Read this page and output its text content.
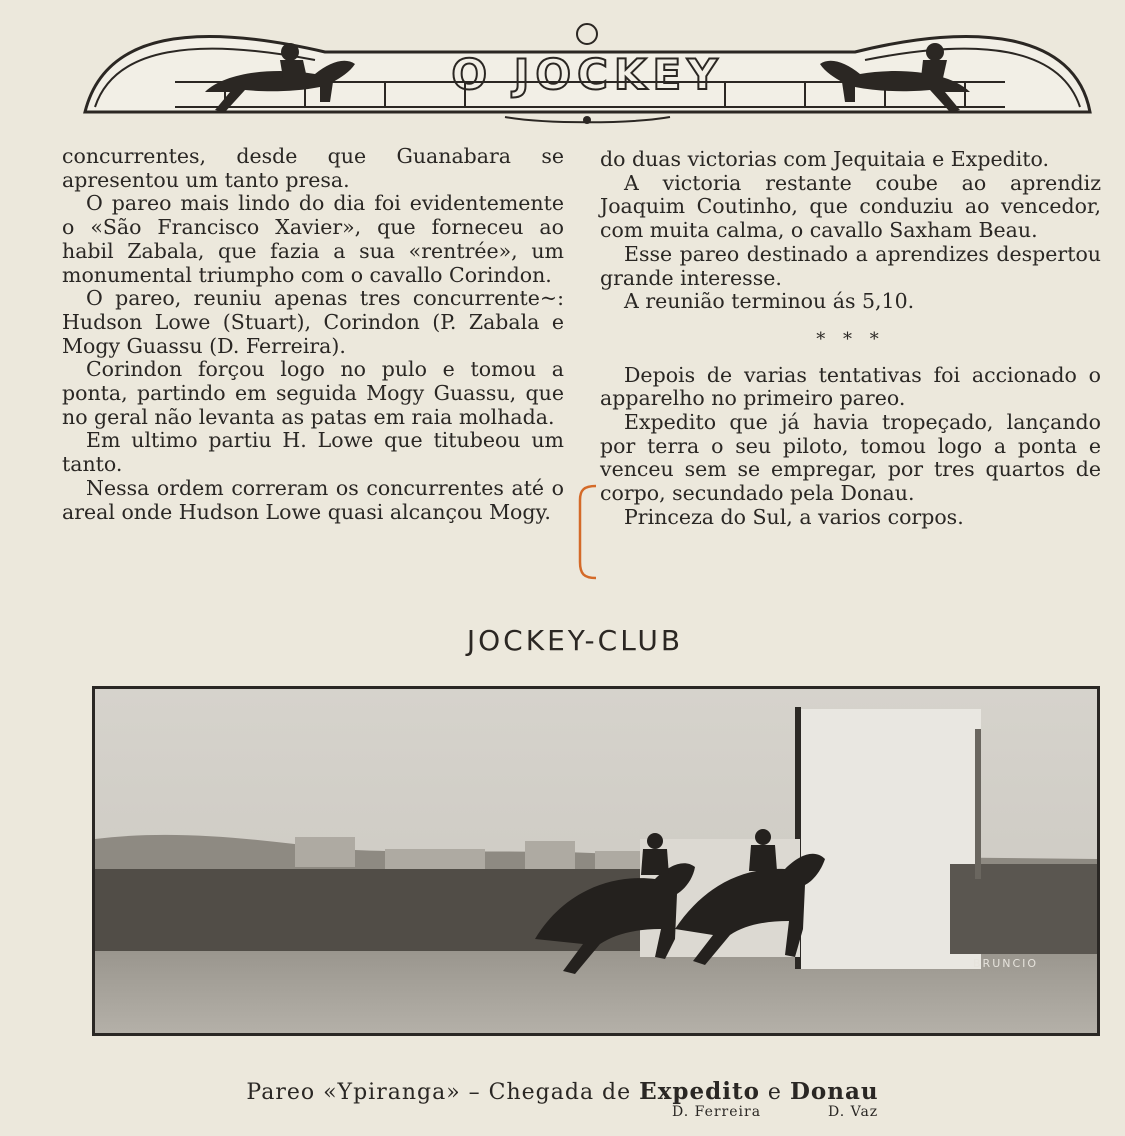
O JOCKEY

concurrentes, desde que Guanabara se apresentou um tanto presa.

O pareo mais lindo do dia foi evidentemente o «São Francisco Xavier», que forneceu ao habil Zabala, que fazia a sua «rentrée», um monumental triumpho com o cavallo Corindon.

O pareo, reuniu apenas tres concurrente~: Hudson Lowe (Stuart), Corindon (P. Zabala e Mogy Guassu (D. Ferreira).

Corindon forçou logo no pulo e tomou a ponta, partindo em seguida Mogy Guassu, que no geral não levanta as patas em raia molhada.

Em ultimo partiu H. Lowe que titubeou um tanto.

Nessa ordem correram os concurrentes até o areal onde Hudson Lowe quasi alcançou Mogy.

do duas victorias com Jequitaia e Expedito.

A victoria restante coube ao aprendiz Joaquim Coutinho, que conduziu ao vencedor, com muita calma, o cavallo Saxham Beau.

Esse pareo destinado a aprendizes despertou grande interesse.

A reunião terminou ás 5,10.

* * *

Depois de varias tentativas foi accionado o apparelho no primeiro pareo.

Expedito que já havia tropeçado, lançando por terra o seu piloto, tomou logo a ponta e venceu sem se empregar, por tres quartos de corpo, secundado pela Donau.

Princeza do Sul, a varios corpos.

JOCKEY-CLUB
BRUNCIO
Pareo «Ypiranga» – Chegada de Expedito e Donau
D. Ferreira	D. Vaz
